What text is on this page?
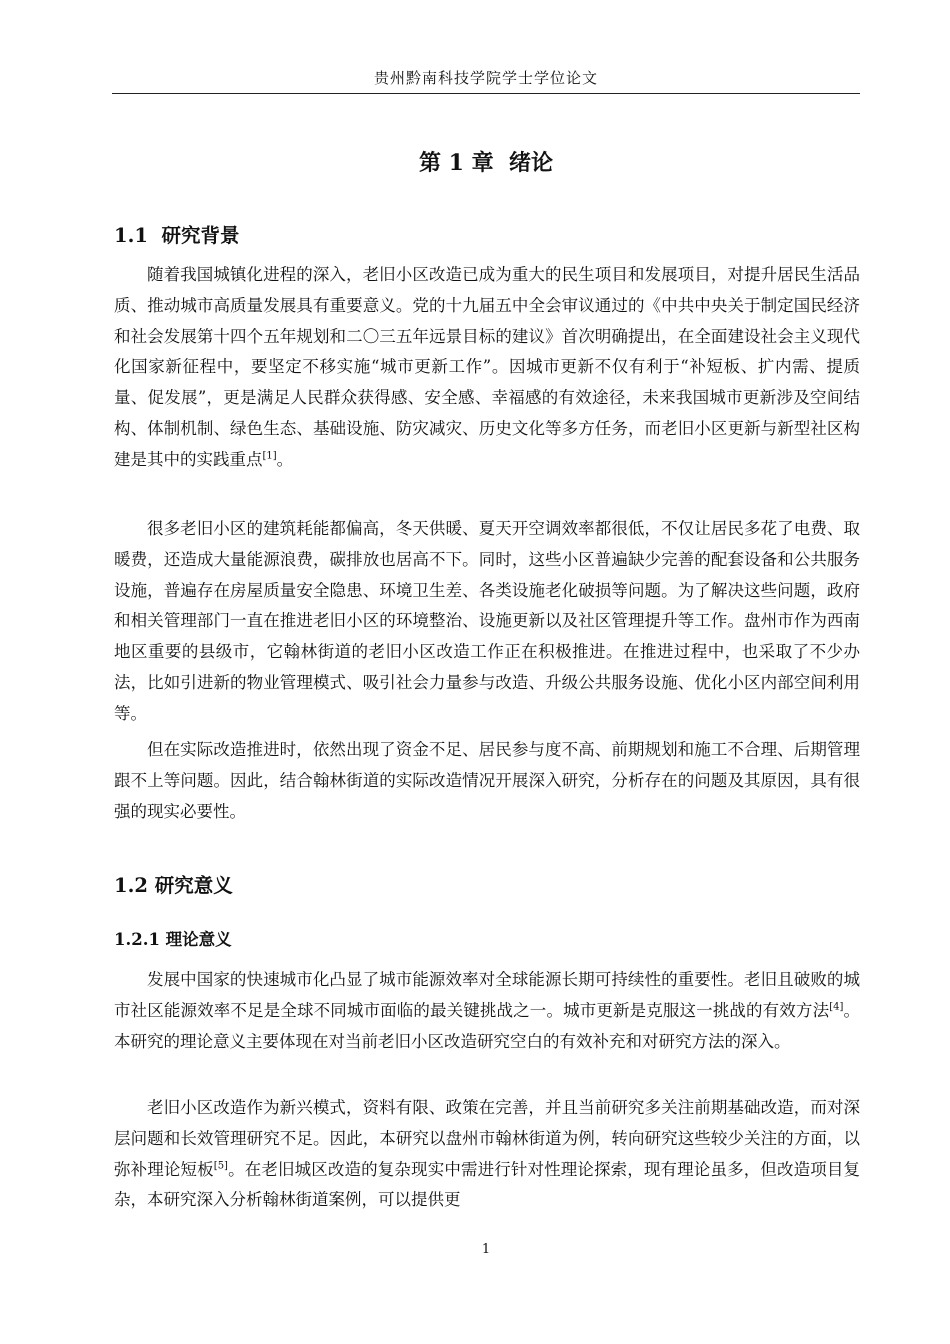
贵州黔南科技学院学士学位论文
第 1 章  绪论
1.1  研究背景

随着我国城镇化进程的深入，老旧小区改造已成为重大的民生项目和发展项目，对提升居民生活品质、推动城市高质量发展具有重要意义。党的十九届五中全会审议通过的《中共中央关于制定国民经济和社会发展第十四个五年规划和二〇三五年远景目标的建议》首次明确提出，在全面建设社会主义现代化国家新征程中，要坚定不移实施“城市更新工作”。因城市更新不仅有利于“补短板、扩内需、提质量、促发展”，更是满足人民群众获得感、安全感、幸福感的有效途径，未来我国城市更新涉及空间结构、体制机制、绿色生态、基础设施、防灾减灾、历史文化等多方任务，而老旧小区更新与新型社区构建是其中的实践重点[1]。

很多老旧小区的建筑耗能都偏高，冬天供暖、夏天开空调效率都很低，不仅让居民多花了电费、取暖费，还造成大量能源浪费，碳排放也居高不下。同时，这些小区普遍缺少完善的配套设备和公共服务设施，普遍存在房屋质量安全隐患、环境卫生差、各类设施老化破损等问题。为了解决这些问题，政府和相关管理部门一直在推进老旧小区的环境整治、设施更新以及社区管理提升等工作。盘州市作为西南地区重要的县级市，它翰林街道的老旧小区改造工作正在积极推进。在推进过程中，也采取了不少办法，比如引进新的物业管理模式、吸引社会力量参与改造、升级公共服务设施、优化小区内部空间利用等。

但在实际改造推进时，依然出现了资金不足、居民参与度不高、前期规划和施工不合理、后期管理跟不上等问题。因此，结合翰林街道的实际改造情况开展深入研究，分析存在的问题及其原因，具有很强的现实必要性。

1.2 研究意义
1.2.1 理论意义

发展中国家的快速城市化凸显了城市能源效率对全球能源长期可持续性的重要性。老旧且破败的城市社区能源效率不足是全球不同城市面临的最关键挑战之一。城市更新是克服这一挑战的有效方法[4]。本研究的理论意义主要体现在对当前老旧小区改造研究空白的有效补充和对研究方法的深入。

老旧小区改造作为新兴模式，资料有限、政策在完善，并且当前研究多关注前期基础改造，而对深层问题和长效管理研究不足。因此，本研究以盘州市翰林街道为例，转向研究这些较少关注的方面，以弥补理论短板[5]。在老旧城区改造的复杂现实中需进行针对性理论探索，现有理论虽多，但改造项目复杂，本研究深入分析翰林街道案例，可以提供更

1
